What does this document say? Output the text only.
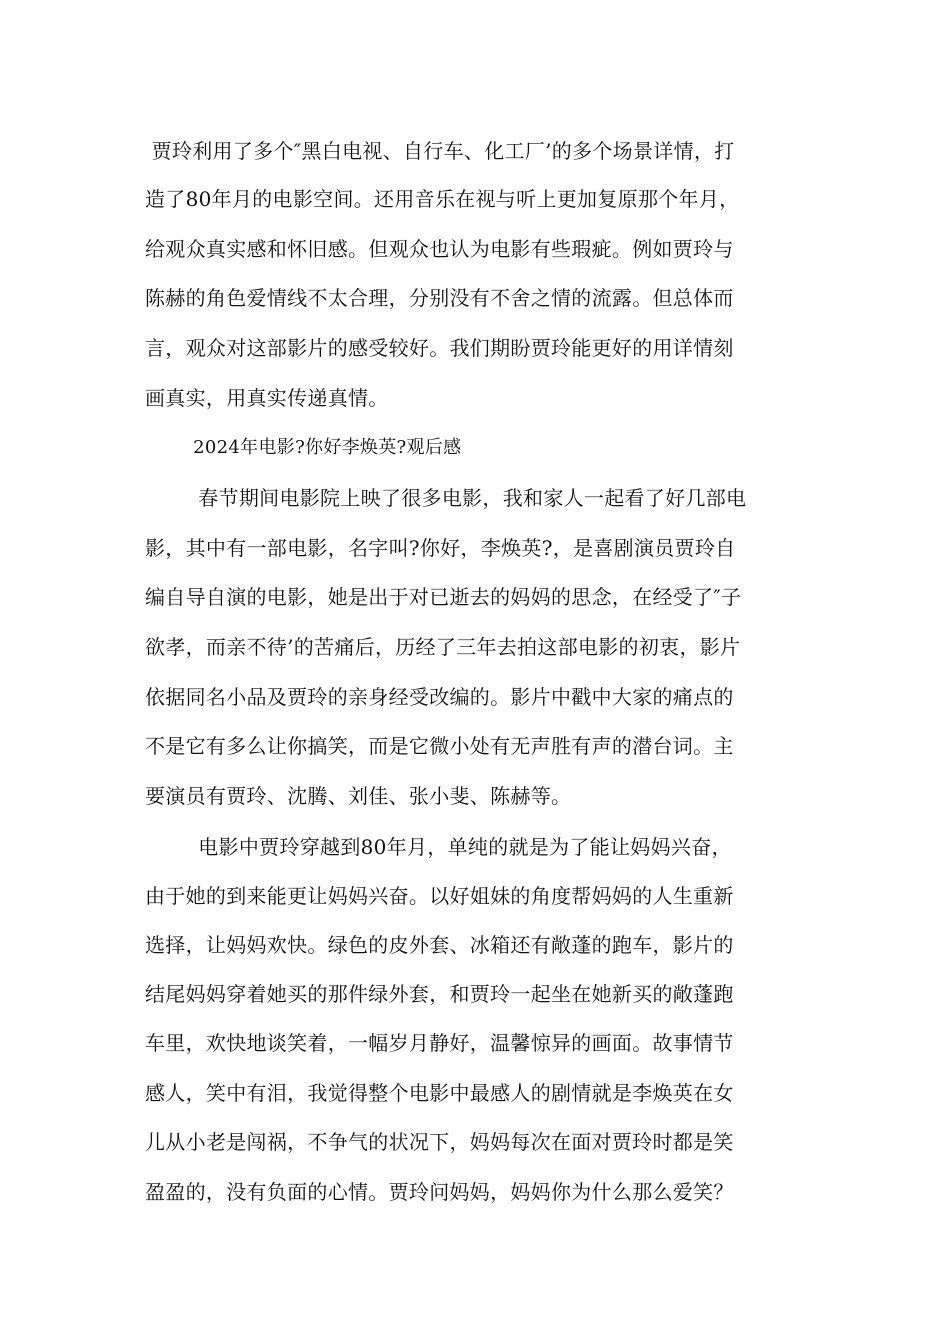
贾玲利用了多个″黑白电视、自行车、化工厂’的多个场景详情，打
造了80年月的电影空间。还用音乐在视与听上更加复原那个年月，
给观众真实感和怀旧感。但观众也认为电影有些瑕疵。例如贾玲与
陈赫的角色爱情线不太合理，分别没有不舍之情的流露。但总体而
言，观众对这部影片的感受较好。我们期盼贾玲能更好的用详情刻
画真实，用真实传递真情。
2024年电影?你好李焕英?观后感
春节期间电影院上映了很多电影，我和家人一起看了好几部电
影，其中有一部电影，名字叫?你好，李焕英?，是喜剧演员贾玲自
编自导自演的电影，她是出于对已逝去的妈妈的思念，在经受了″子
欲孝，而亲不待’的苦痛后，历经了三年去拍这部电影的初衷，影片
依据同名小品及贾玲的亲身经受改编的。影片中戳中大家的痛点的
不是它有多么让你搞笑，而是它微小处有无声胜有声的潜台词。主
要演员有贾玲、沈腾、刘佳、张小斐、陈赫等。
电影中贾玲穿越到80年月，单纯的就是为了能让妈妈兴奋，
由于她的到来能更让妈妈兴奋。以好姐妹的角度帮妈妈的人生重新
选择，让妈妈欢快。绿色的皮外套、冰箱还有敞蓬的跑车，影片的
结尾妈妈穿着她买的那件绿外套，和贾玲一起坐在她新买的敞蓬跑
车里，欢快地谈笑着，一幅岁月静好，温馨惊异的画面。故事情节
感人，笑中有泪，我觉得整个电影中最感人的剧情就是李焕英在女
儿从小老是闯祸，不争气的状况下，妈妈每次在面对贾玲时都是笑
盈盈的，没有负面的心情。贾玲问妈妈，妈妈你为什么那么爱笑？
